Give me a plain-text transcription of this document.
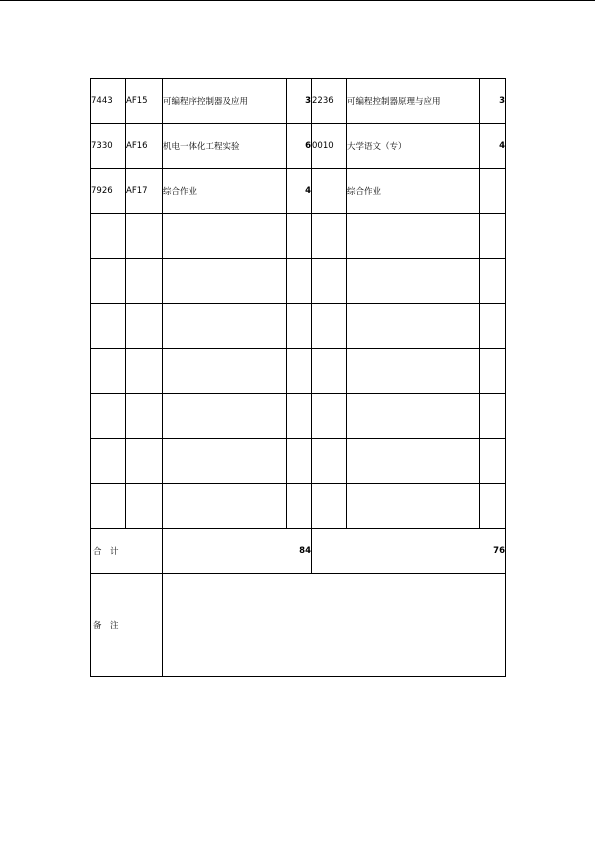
7443	AF15	可编程序控制器及应用	3	2236	可编程控制器原理与应用	3
7330	AF16	机电一体化工程实验	6	0010	大学语文（专）	4
7926	AF17	综合作业	4		综合作业	

合　计		84		76		
备　注						
